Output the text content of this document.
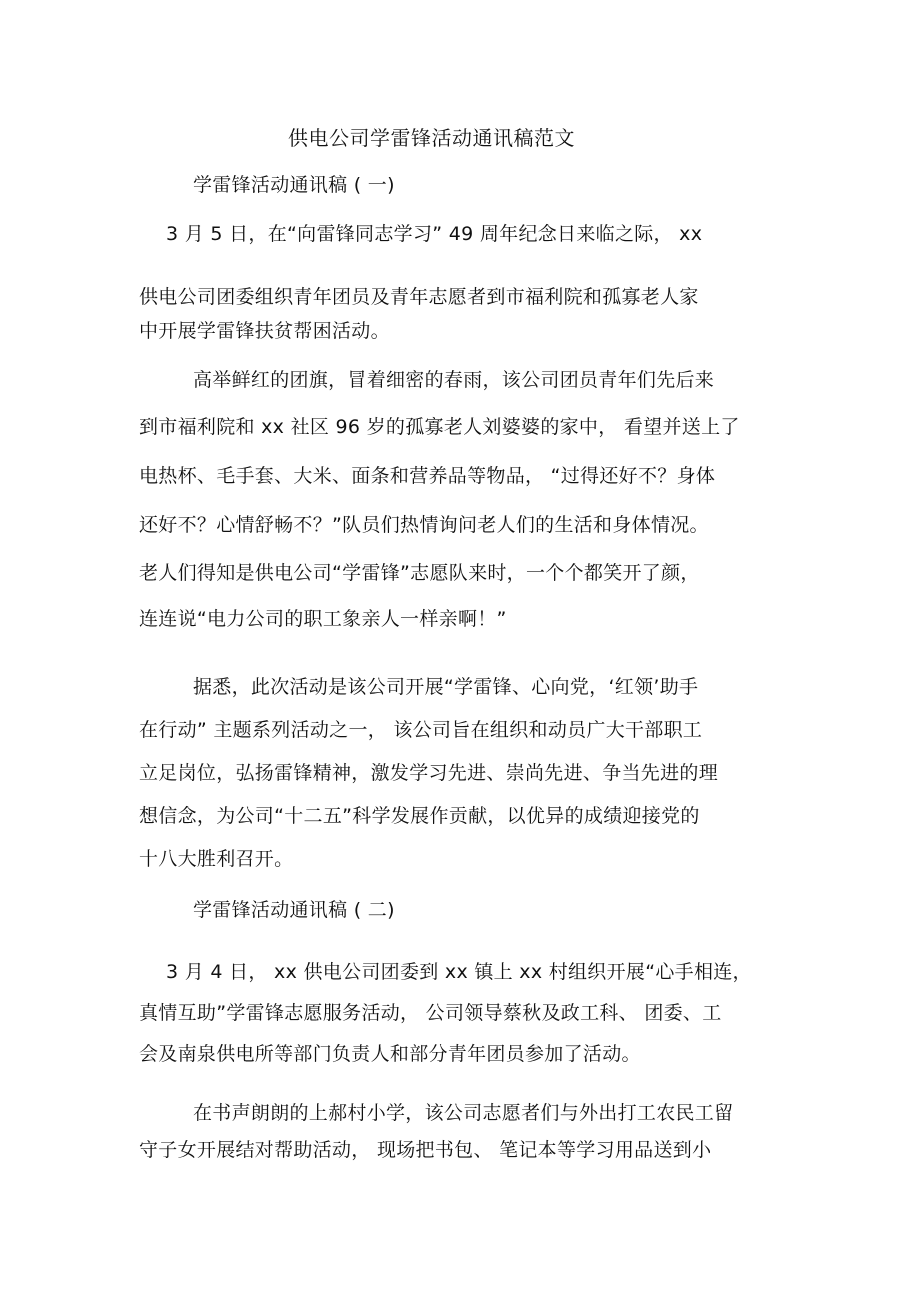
供电公司学雷锋活动通讯稿范文
学雷锋活动通讯稿 ( 一)
3 月 5 日，在“向雷锋同志学习” 49 周年纪念日来临之际， xx
供电公司团委组织青年团员及青年志愿者到市福利院和孤寡老人家
中开展学雷锋扶贫帮困活动。
高举鲜红的团旗，冒着细密的春雨，该公司团员青年们先后来
到市福利院和 xx 社区 96 岁的孤寡老人刘婆婆的家中， 看望并送上了
电热杯、毛手套、大米、面条和营养品等物品， “过得还好不？身体
还好不？心情舒畅不？”队员们热情询问老人们的生活和身体情况。
老人们得知是供电公司“学雷锋”志愿队来时，一个个都笑开了颜，
连连说“电力公司的职工象亲人一样亲啊！”
据悉，此次活动是该公司开展“学雷锋、心向党，‘红领’助手
在行动” 主题系列活动之一， 该公司旨在组织和动员广大干部职工
立足岗位，弘扬雷锋精神，激发学习先进、崇尚先进、争当先进的理
想信念，为公司“十二五”科学发展作贡献，以优异的成绩迎接党的
十八大胜利召开。
学雷锋活动通讯稿 ( 二)
3 月 4 日， xx 供电公司团委到 xx 镇上 xx 村组织开展“心手相连，
真情互助”学雷锋志愿服务活动， 公司领导蔡秋及政工科、 团委、工
会及南泉供电所等部门负责人和部分青年团员参加了活动。
在书声朗朗的上郝村小学，该公司志愿者们与外出打工农民工留
守子女开展结对帮助活动， 现场把书包、 笔记本等学习用品送到小
